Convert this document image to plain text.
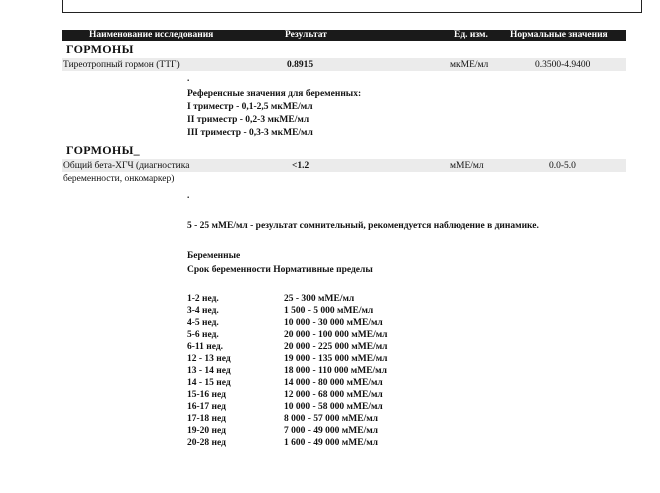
Наименование исследования	Результат	Ед. изм. Нормальные значения
ГОРМОНЫ
Тиреотропный гормон (ТТГ)	0.8915	мкМЕ/мл	0.3500-4.9400
.
Референсные значения для беременных:
I триместр - 0,1-2,5 мкМЕ/мл
II триместр - 0,2-3 мкМЕ/мл
III триместр - 0,3-3 мкМЕ/мл
ГОРМОНЫ_
Общий бета-ХГЧ (диагностика
беременности, онкомаркер)
<1.2	мМЕ/мл	0.0-5.0
.
5 - 25 мМЕ/мл - результат сомнительный, рекомендуется наблюдение в динамике.
Беременные
Срок беременности Нормативные пределы
1-2 нед.	25 - 300 мМЕ/мл
3-4 нед.	1 500 - 5 000 мМЕ/мл
4-5 нед.	10 000 - 30 000 мМЕ/мл
5-6 нед.	20 000 - 100 000 мМЕ/мл
6-11 нед.	20 000 - 225 000 мМЕ/мл
12 - 13 нед	19 000 - 135 000 мМЕ/мл
13 - 14 нед	18 000 - 110 000 мМЕ/мл
14 - 15 нед	14 000 - 80 000 мМЕ/мл
15-16 нед	12 000 - 68 000 мМЕ/мл
16-17 нед	10 000 - 58 000 мМЕ/мл
17-18 нед	8 000 - 57 000 мМЕ/мл
19-20 нед	7 000 - 49 000 мМЕ/мл
20-28 нед	1 600 - 49 000 мМЕ/мл
